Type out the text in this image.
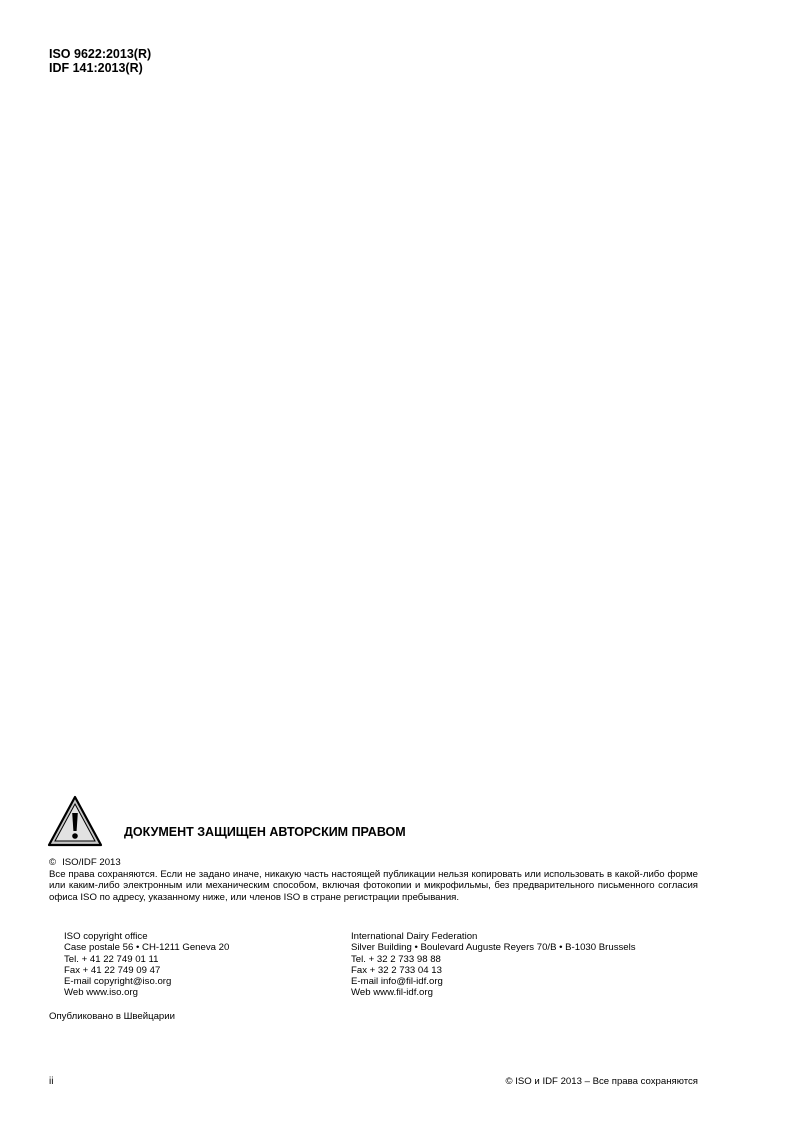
ISO 9622:2013(R)
IDF 141:2013(R)
ДОКУМЕНТ ЗАЩИЩЕН АВТОРСКИМ ПРАВОМ
© ISO/IDF 2013
Все права сохраняются. Если не задано иначе, никакую часть настоящей публикации нельзя копировать или использовать в какой-либо форме или каким-либо электронным или механическим способом, включая фотокопии и микрофильмы, без предварительного письменного согласия офиса ISO по адресу, указанному ниже, или членов ISO в стране регистрации пребывания.
ISO copyright office
Case postale 56 • CH-1211 Geneva 20
Tel. + 41 22 749 01 11
Fax + 41 22 749 09 47
E-mail copyright@iso.org
Web www.iso.org
International Dairy Federation
Silver Building • Boulevard Auguste Reyers 70/B • B-1030 Brussels
Tel. + 32 2 733 98 88
Fax + 32 2 733 04 13
E-mail info@fil-idf.org
Web www.fil-idf.org
Опубликовано в Швейцарии
ii	© ISO и IDF 2013 – Все права сохраняются
